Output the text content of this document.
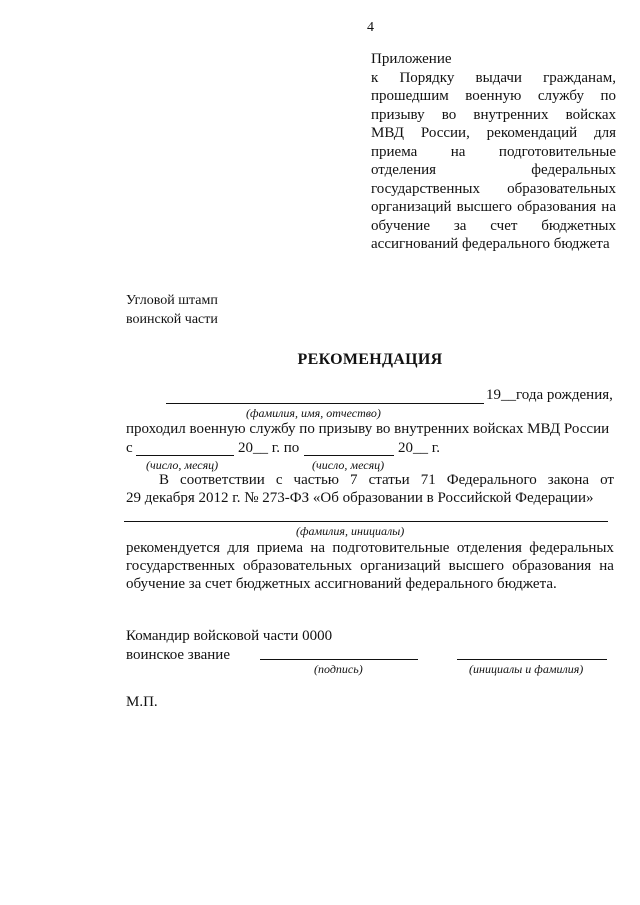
4
Приложение
к Порядку выдачи гражданам,
прошедшим военную службу по
призыву во внутренних войсках
МВД России, рекомендаций для
приема на подготовительные
отделения	федеральных
государственных образовательных
организаций высшего образования на
обучение за счет бюджетных
ассигнований федерального бюджета
Угловой штамп
воинской части
РЕКОМЕНДАЦИЯ
19__года рождения,
(фамилия, имя, отчество)
проходил военную службу по призыву во внутренних войсках МВД России
с	20__ г. по	20__ г.
(число, месяц)	(число, месяц)
В соответствии с частью 7 статьи 71 Федерального закона от
29 декабря 2012 г. № 273-ФЗ «Об образовании в Российской Федерации»
(фамилия, инициалы)
рекомендуется для приема на подготовительные отделения федеральных
государственных образовательных организаций высшего образования на
обучение за счет бюджетных ассигнований федерального бюджета.
Командир войсковой части 0000
воинское звание
(подпись)	(инициалы и фамилия)
М.П.
